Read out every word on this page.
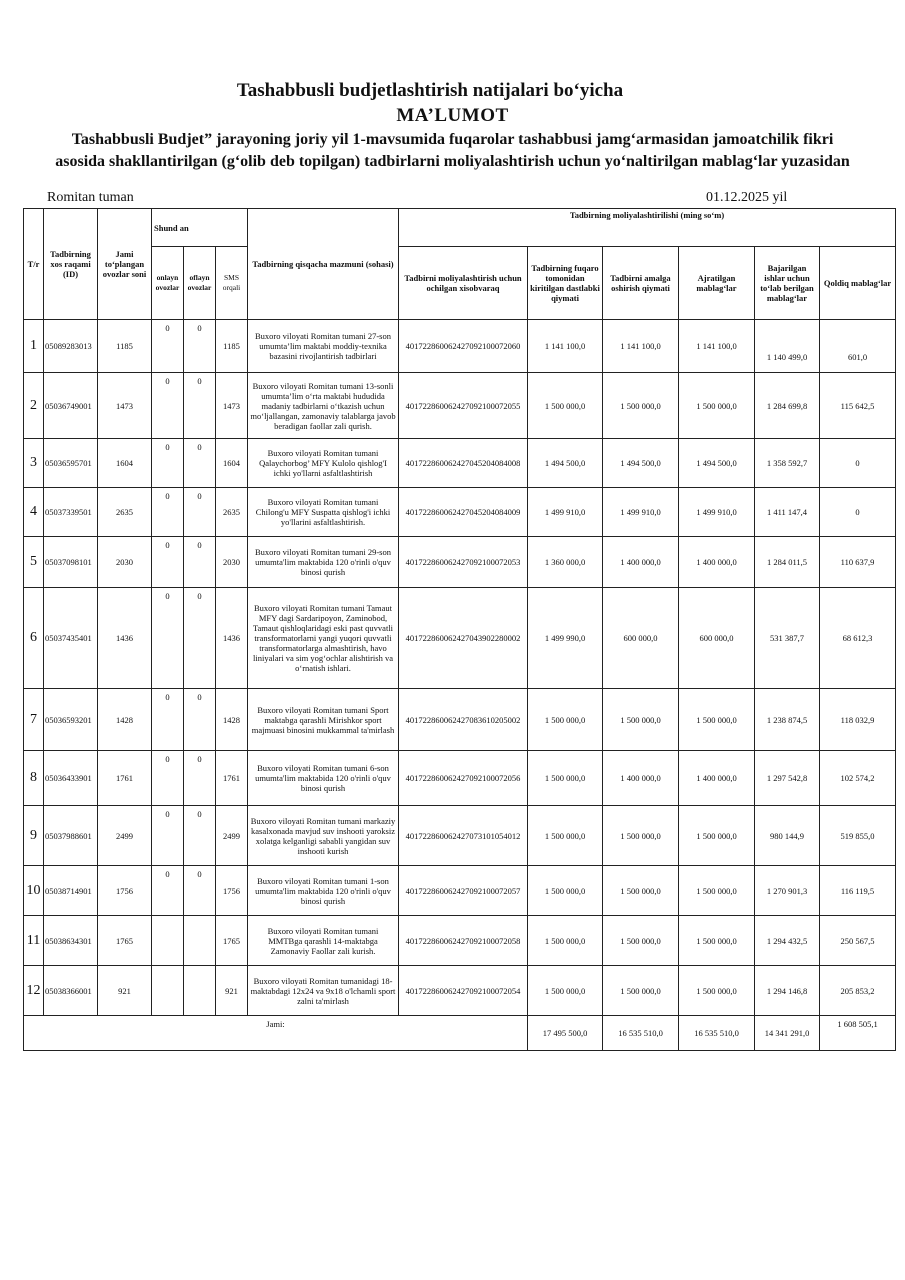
Tashabbusli budjetlashtirish natijalari bo‘yicha
MA’LUMOT
Tashabbusli Budjet” jarayoning joriy yil 1-mavsumida fuqarolar tashabbusi jamg‘armasidan jamoatchilik fikri asosida shakllantirilgan (g‘olib deb topilgan) tadbirlarni moliyalashtirish uchun yo‘naltirilgan mablag‘lar yuzasidan
Romitan tuman	01.12.2025 yil
T/r	Tadbirning xos raqami (ID)	Jami to‘plangan ovozlar soni	Shund an			Tadbirning qisqacha mazmuni (sohasi)	Tadbirning moliyalashtirilishi (ming so‘m)					
			onlayn ovozlar	oflayn ovozlar	SMS orqali		Tadbirni moliyalashtirish uchun ochilgan xisobvaraq	Tadbirning fuqaro tomonidan kiritilgan dastlabki qiymati	Tadbirni amalga oshirish qiymati	Ajratilgan mablag‘lar	Bajarilgan ishlar uchun to‘lab berilgan mablag‘lar	Qoldiq mablag‘lar
1	05089283013	1185	0	0	1185	Buxoro viloyati Romitan tumani 27-son umumta’lim maktabi moddiy-texnika bazasini rivojlantirish tadbirlari	40172286006242709210007206​0	1 141 100,0	1 141 100,0	1 141 100,0	1 140 499,0	601,0
2	05036749001	1473	0	0	1473	Buxoro viloyati Romitan tumani 13-sonli umumta’lim o‘rta maktabi hududida madaniy tadbirlarni o‘tkazish uchun mo‘ljallangan, zamonaviy talablarga javob beradigan faollar zali qurish.	401722860062427092100072055	1 500 000,0	1 500 000,0	1 500 000,0	1 284 699,8	115 642,5
3	05036595701	1604	0	0	1604	Buxoro viloyati Romitan tumani Qalaychorbog’ MFY Kulolo qishlog'I ichki yo'llarni asfaltlashtirish	401722860062427045204084008	1 494 500,0	1 494 500,0	1 494 500,0	1 358 592,7	0
4	05037339501	2635	0	0	2635	Buxoro viloyati Romitan tumani Chilong'u MFY Suspatta qishlog'i ichki yo'llarini asfaltlashtirish.	401722860062427045204084009	1 499 910,0	1 499 910,0	1 499 910,0	1 411 147,4	0
5	05037098101	2030	0	0	2030	Buxoro viloyati Romitan tumani 29-son umumta'lim maktabida 120 o'rinli o'quv binosi qurish	401722860062427092100072053	1 360 000,0	1 400 000,0	1 400 000,0	1 284 011,5	110 637,9
6	05037435401	1436	0	0	1436	Buxoro viloyati Romitan tumani Tamaut MFY dagi Sardaripoyon, Zaminobod, Tamaut qishloqlaridagi eski past quvvatli transformatorlarni yangi yuqori quvvatli transformatorlarga almashtirish, havo liniyalari va sim yog‘ochlar alishtirish va o‘rnatish ishlari.	401722860062427043902280002	1 499 990,0	600 000,0	600 000,0	531 387,7	68 612,3
7	05036593201	1428	0	0	1428	Buxoro viloyati Romitan tumani Sport maktabga qarashli Mirishkor sport majmuasi binosini mukkammal ta'mirlash	401722860062427083610205002	1 500 000,0	1 500 000,0	1 500 000,0	1 238 874,5	118 032,9
8	05036433901	1761	0	0	1761	Buxoro viloyati Romitan tumani 6-son umumta'lim maktabida 120 o'rinli o'quv binosi qurish	401722860062427092100072056	1 500 000,0	1 400 000,0	1 400 000,0	1 297 542,8	102 574,2
9	05037988601	2499	0	0	2499	Buxoro viloyati Romitan tumani markaziy kasalxonada mavjud suv inshooti yaroksiz xolatga kelganligi sababli yangidan suv inshooti kurish	401722860062427073101054012	1 500 000,0	1 500 000,0	1 500 000,0	980 144,9	519 855,0
10	05038714901	1756	0	0	1756	Buxoro viloyati Romitan tumani 1-son umumta'lim maktabida 120 o'rinli o'quv binosi qurish	401722860062427092100072057	1 500 000,0	1 500 000,0	1 500 000,0	1 270 901,3	116 119,5
11	05038634301	1765			1765	Buxoro viloyati Romitan tumani MMTBga qarashli 14-maktabga Zamonaviy Faollar zali kurish.	401722860062427092100072058	1 500 000,0	1 500 000,0	1 500 000,0	1 294 432,5	250 567,5
12	05038366001	921			921	Buxoro viloyati Romitan tumanidagi 18-maktabdagi 12x24 va 9x18 o'lchamli sport zalni ta'mirlash	401722860062427092100072054	1 500 000,0	1 500 000,0	1 500 000,0	1 294 146,8	205 853,2
Jami:								17 495 500,0	16 535 510,0	16 535 510,0	14 341 291,0	1 608 505,1
